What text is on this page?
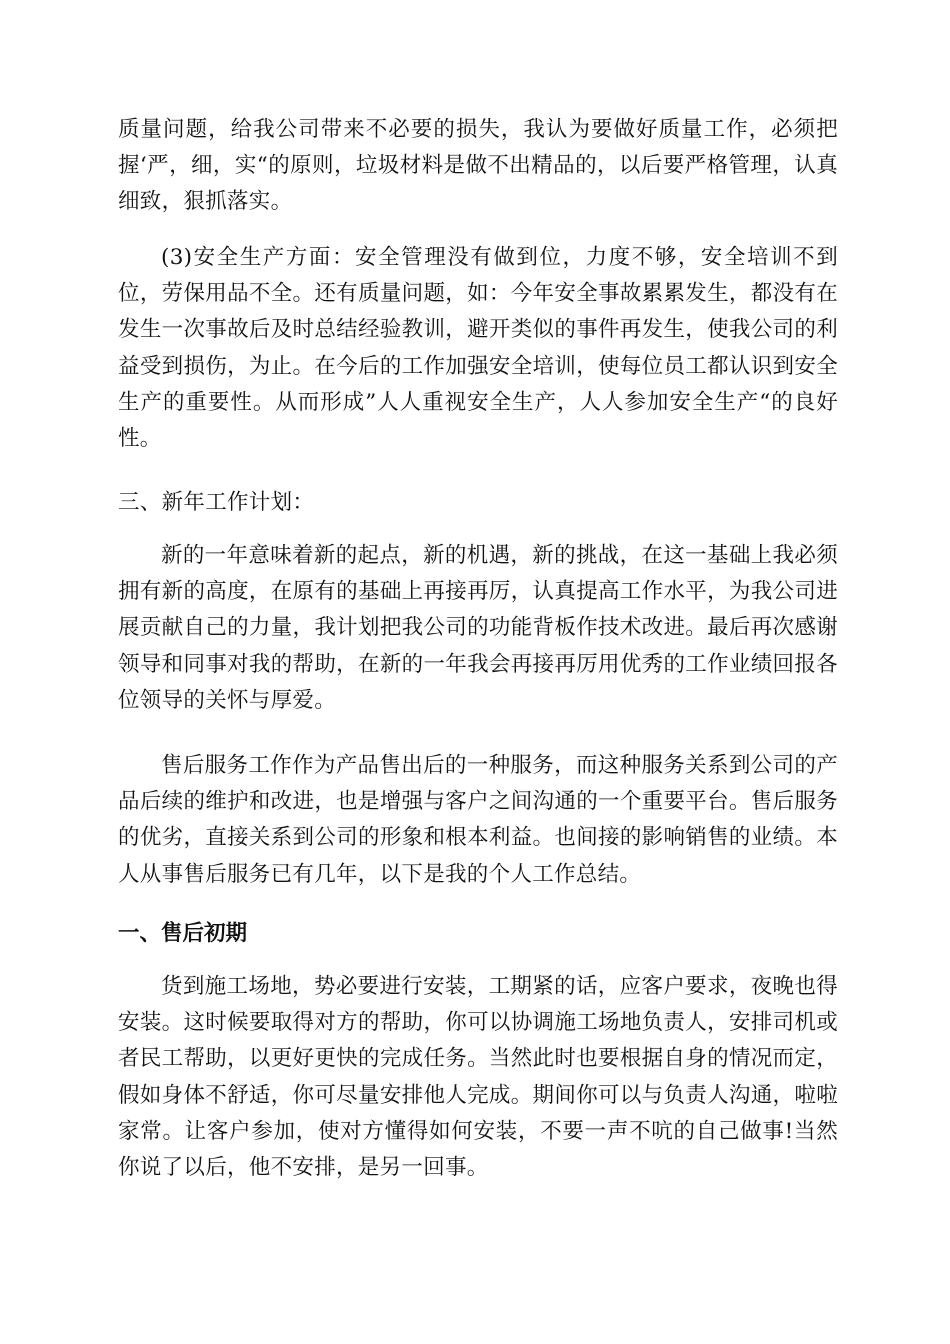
质量问题，给我公司带来不必要的损失，我认为要做好质量工作，必须把握‘严，细，实“的原则，垃圾材料是做不出精品的，以后要严格管理，认真细致，狠抓落实。

(3)安全生产方面：安全管理没有做到位，力度不够，安全培训不到位，劳保用品不全。还有质量问题，如：今年安全事故累累发生，都没有在发生一次事故后及时总结经验教训，避开类似的事件再发生，使我公司的利益受到损伤，为止。在今后的工作加强安全培训，使每位员工都认识到安全生产的重要性。从而形成”人人重视安全生产，人人参加安全生产“的良好性。

三、新年工作计划：

新的一年意味着新的起点，新的机遇，新的挑战，在这一基础上我必须拥有新的高度，在原有的基础上再接再厉，认真提高工作水平，为我公司进展贡献自己的力量，我计划把我公司的功能背板作技术改进。最后再次感谢领导和同事对我的帮助，在新的一年我会再接再厉用优秀的工作业绩回报各位领导的关怀与厚爱。

售后服务工作作为产品售出后的一种服务，而这种服务关系到公司的产品后续的维护和改进，也是增强与客户之间沟通的一个重要平台。售后服务的优劣，直接关系到公司的形象和根本利益。也间接的影响销售的业绩。本人从事售后服务已有几年，以下是我的个人工作总结。

一、售后初期

货到施工场地，势必要进行安装，工期紧的话，应客户要求，夜晚也得安装。这时候要取得对方的帮助，你可以协调施工场地负责人，安排司机或者民工帮助，以更好更快的完成任务。当然此时也要根据自身的情况而定，假如身体不舒适，你可尽量安排他人完成。期间你可以与负责人沟通，啦啦家常。让客户参加，使对方懂得如何安装，不要一声不吭的自己做事!当然你说了以后，他不安排，是另一回事。
